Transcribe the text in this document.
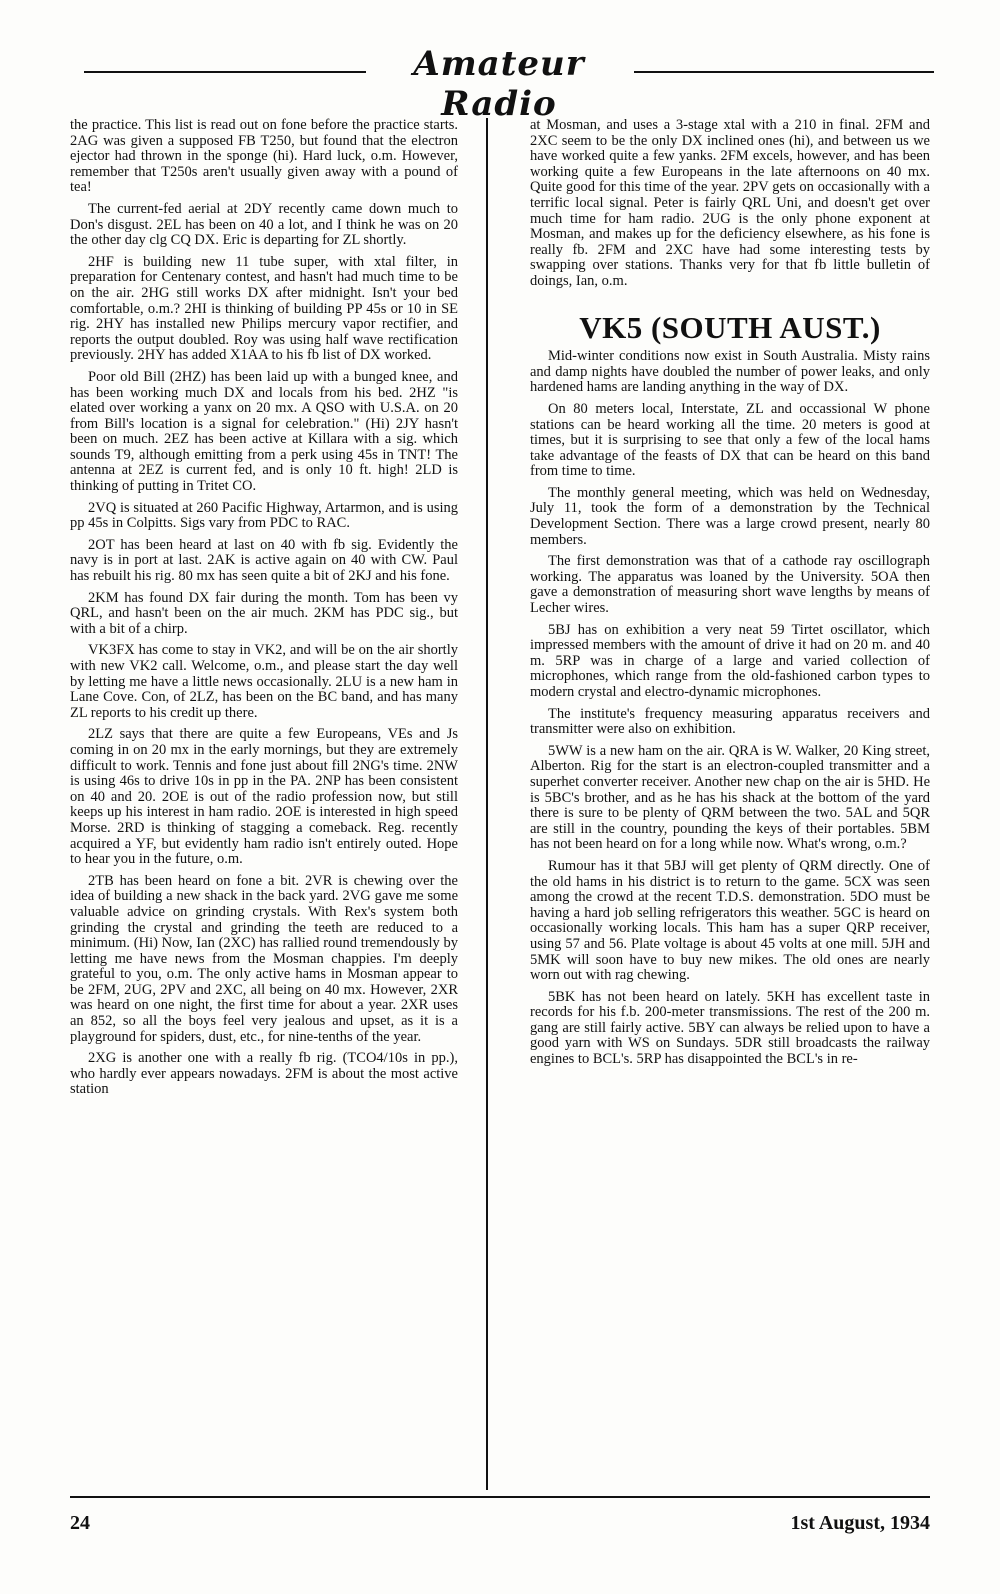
Amateur Radio

the practice. This list is read out on fone before the practice starts. 2AG was given a supposed FB T250, but found that the electron ejector had thrown in the sponge (hi). Hard luck, o.m. However, remember that T250s aren't usually given away with a pound of tea!

The current-fed aerial at 2DY recently came down much to Don's disgust. 2EL has been on 40 a lot, and I think he was on 20 the other day clg CQ DX. Eric is departing for ZL shortly.

2HF is building new 11 tube super, with xtal filter, in preparation for Centenary contest, and hasn't had much time to be on the air. 2HG still works DX after midnight. Isn't your bed comfortable, o.m.? 2HI is thinking of building PP 45s or 10 in SE rig. 2HY has installed new Philips mercury vapor rectifier, and reports the output doubled. Roy was using half wave rectification previously. 2HY has added X1AA to his fb list of DX worked.

Poor old Bill (2HZ) has been laid up with a bunged knee, and has been working much DX and locals from his bed. 2HZ "is elated over working a yanx on 20 mx. A QSO with U.S.A. on 20 from Bill's location is a signal for celebration." (Hi) 2JY hasn't been on much. 2EZ has been active at Killara with a sig. which sounds T9, although emitting from a perk using 45s in TNT! The antenna at 2EZ is current fed, and is only 10 ft. high! 2LD is thinking of putting in Tritet CO.

2VQ is situated at 260 Pacific Highway, Artarmon, and is using pp 45s in Colpitts. Sigs vary from PDC to RAC.

2OT has been heard at last on 40 with fb sig. Evidently the navy is in port at last. 2AK is active again on 40 with CW. Paul has rebuilt his rig. 80 mx has seen quite a bit of 2KJ and his fone.

2KM has found DX fair during the month. Tom has been vy QRL, and hasn't been on the air much. 2KM has PDC sig., but with a bit of a chirp.

VK3FX has come to stay in VK2, and will be on the air shortly with new VK2 call. Welcome, o.m., and please start the day well by letting me have a little news occasionally. 2LU is a new ham in Lane Cove. Con, of 2LZ, has been on the BC band, and has many ZL reports to his credit up there.

2LZ says that there are quite a few Europeans, VEs and Js coming in on 20 mx in the early mornings, but they are extremely difficult to work. Tennis and fone just about fill 2NG's time. 2NW is using 46s to drive 10s in pp in the PA. 2NP has been consistent on 40 and 20. 2OE is out of the radio profession now, but still keeps up his interest in ham radio. 2OE is interested in high speed Morse. 2RD is thinking of stagging a comeback. Reg. recently acquired a YF, but evidently ham radio isn't entirely outed. Hope to hear you in the future, o.m.

2TB has been heard on fone a bit. 2VR is chewing over the idea of building a new shack in the back yard. 2VG gave me some valuable advice on grinding crystals. With Rex's system both grinding the crystal and grinding the teeth are reduced to a minimum. (Hi) Now, Ian (2XC) has rallied round tremendously by letting me have news from the Mosman chappies. I'm deeply grateful to you, o.m. The only active hams in Mosman appear to be 2FM, 2UG, 2PV and 2XC, all being on 40 mx. However, 2XR was heard on one night, the first time for about a year. 2XR uses an 852, so all the boys feel very jealous and upset, as it is a playground for spiders, dust, etc., for nine-tenths of the year.

2XG is another one with a really fb rig. (TCO4/10s in pp.), who hardly ever appears nowadays. 2FM is about the most active station

at Mosman, and uses a 3-stage xtal with a 210 in final. 2FM and 2XC seem to be the only DX inclined ones (hi), and between us we have worked quite a few yanks. 2FM excels, however, and has been working quite a few Europeans in the late afternoons on 40 mx. Quite good for this time of the year. 2PV gets on occasionally with a terrific local signal. Peter is fairly QRL Uni, and doesn't get over much time for ham radio. 2UG is the only phone exponent at Mosman, and makes up for the deficiency elsewhere, as his fone is really fb. 2FM and 2XC have had some interesting tests by swapping over stations. Thanks very for that fb little bulletin of doings, Ian, o.m.

VK5 (SOUTH AUST.)

Mid-winter conditions now exist in South Australia. Misty rains and damp nights have doubled the number of power leaks, and only hardened hams are landing anything in the way of DX.

On 80 meters local, Interstate, ZL and occassional W phone stations can be heard working all the time. 20 meters is good at times, but it is surprising to see that only a few of the local hams take advantage of the feasts of DX that can be heard on this band from time to time.

The monthly general meeting, which was held on Wednesday, July 11, took the form of a demonstration by the Technical Development Section. There was a large crowd present, nearly 80 members.

The first demonstration was that of a cathode ray oscillograph working. The apparatus was loaned by the University. 5OA then gave a demonstration of measuring short wave lengths by means of Lecher wires.

5BJ has on exhibition a very neat 59 Tirtet oscillator, which impressed members with the amount of drive it had on 20 m. and 40 m. 5RP was in charge of a large and varied collection of microphones, which range from the old-fashioned carbon types to modern crystal and electro-dynamic microphones.

The institute's frequency measuring apparatus receivers and transmitter were also on exhibition.

5WW is a new ham on the air. QRA is W. Walker, 20 King street, Alberton. Rig for the start is an electron-coupled transmitter and a superhet converter receiver. Another new chap on the air is 5HD. He is 5BC's brother, and as he has his shack at the bottom of the yard there is sure to be plenty of QRM between the two. 5AL and 5QR are still in the country, pounding the keys of their portables. 5BM has not been heard on for a long while now. What's wrong, o.m.?

Rumour has it that 5BJ will get plenty of QRM directly. One of the old hams in his district is to return to the game. 5CX was seen among the crowd at the recent T.D.S. demonstration. 5DO must be having a hard job selling refrigerators this weather. 5GC is heard on occasionally working locals. This ham has a super QRP receiver, using 57 and 56. Plate voltage is about 45 volts at one mill. 5JH and 5MK will soon have to buy new mikes. The old ones are nearly worn out with rag chewing.

5BK has not been heard on lately. 5KH has excellent taste in records for his f.b. 200-meter transmissions. The rest of the 200 m. gang are still fairly active. 5BY can always be relied upon to have a good yarn with WS on Sundays. 5DR still broadcasts the railway engines to BCL's. 5RP has disappointed the BCL's in re-

24	1st August, 1934
